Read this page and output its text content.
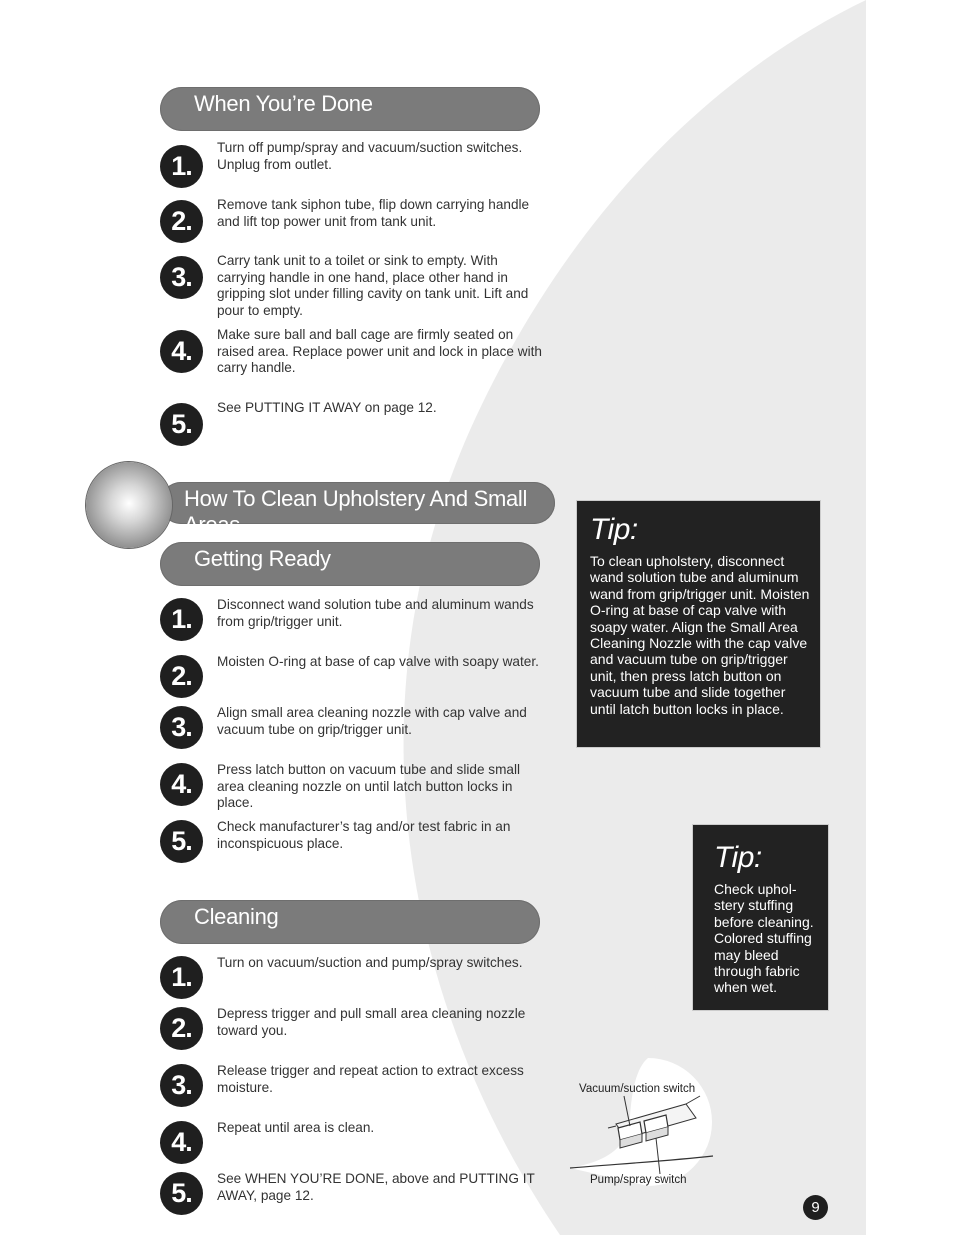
When You’re Done
1.
Turn off pump/spray and vacuum/suction switches. Unplug from outlet.
2.
Remove tank siphon tube, flip down carrying handle and lift top power unit from tank unit.
3.
Carry tank unit to a toilet or sink to empty. With carrying handle in one hand, place other hand in gripping slot under filling cavity on tank unit. Lift and pour to empty.
4.
Make sure ball and ball cage are firmly seated on raised area. Replace power unit and lock in place with carry handle.
5.
See PUTTING IT AWAY on page 12.
How To Clean Upholstery And Small Areas
Getting Ready
1.	Disconnect wand solution tube and aluminum wands from grip/trigger unit.
2.	Moisten O-ring at base of cap valve with soapy water.
3.	Align small area cleaning nozzle with cap valve and vacuum tube on grip/trigger unit.
4.	Press latch button on vacuum tube and slide small area cleaning nozzle on until latch button locks in place.
5.	Check manufacturer’s tag and/or test fabric in an inconspicuous place.
Cleaning
1.	Turn on vacuum/suction and pump/spray switches.
2.	Depress trigger and pull small area cleaning nozzle toward you.
3.	Release trigger and repeat action to extract excess moisture.
4.	Repeat until area is clean.
5.	See WHEN YOU’RE DONE, above and PUTTING IT AWAY, page 12.
Tip:

To clean upholstery, disconnect wand solution tube and aluminum wand from grip/trigger unit. Moisten O-ring at base of cap valve with soapy water. Align the Small Area Cleaning Nozzle with the cap valve and vacuum tube on grip/trigger unit, then press latch button on vacuum tube and slide together until latch button locks in place.

Tip:

Check uphol-stery stuffing before cleaning. Colored stuffing may bleed through fabric when wet.

Vacuum/suction switch
Pump/spray switch
9
